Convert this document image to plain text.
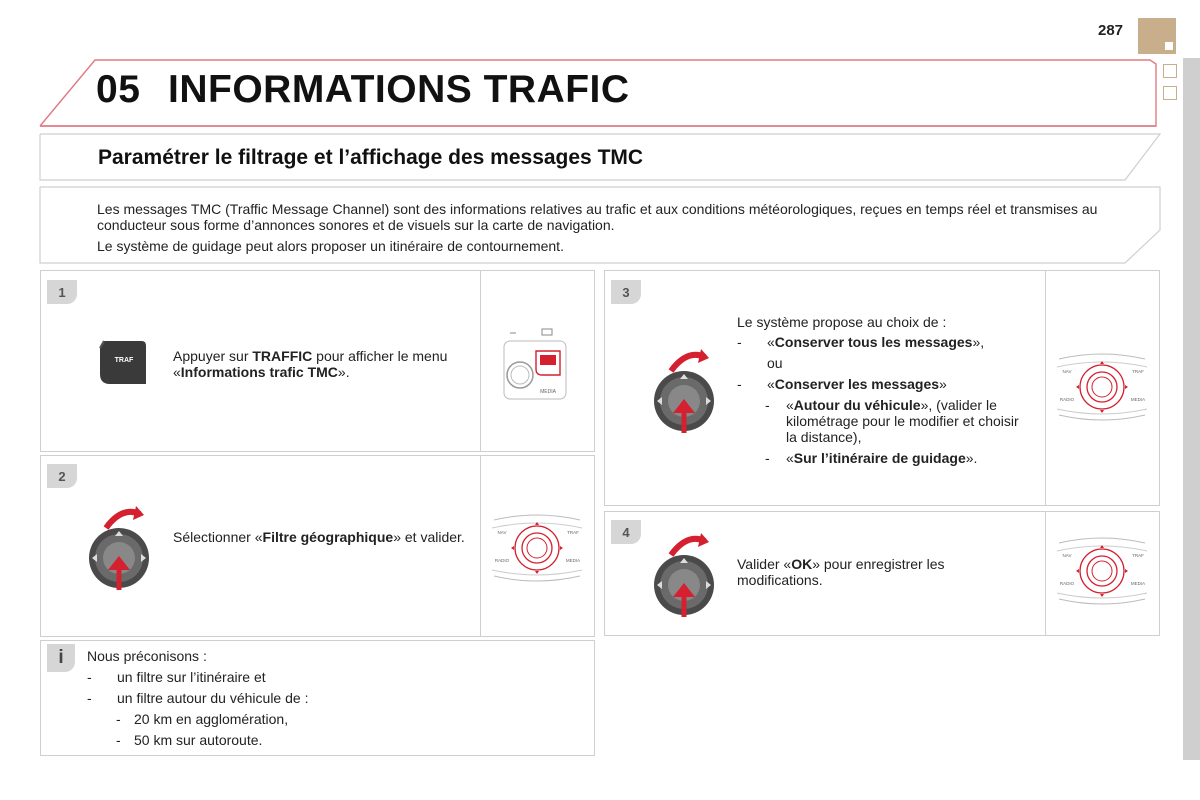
287
05 INFORMATIONS TRAFIC
Paramétrer le filtrage et l’affichage des messages TMC

Les messages TMC (Traffic Message Channel) sont des informations relatives au trafic et aux conditions météorologiques, reçues en temps réel et transmises au conducteur sous forme d’annonces sonores et de visuels sur la carte de navigation.

Le système de guidage peut alors proposer un itinéraire de contournement.

1
TRAF	Appuyer sur TRAFFIC pour afficher le menu «Informations trafic TMC».
MEDIA
2
Sélectionner «Filtre géographique» et valider.	NAV	TRAF
RADIO	MEDIA
i Nous préconisons :
- un filtre sur l’itinéraire et
- un filtre autour du véhicule de :
- 20 km en agglomération,
- 50 km sur autoroute.
3
Le système propose au choix de :
- «Conserver tous les messages»,
ou
- «Conserver les messages»
- «Autour du véhicule», (valider le kilométrage pour le modifier et choisir la distance),
- «Sur l’itinéraire de guidage».
NAV	TRAF
RADIO	MEDIA
4
Valider «OK» pour enregistrer les modifications.
NAV	TRAF
RADIO	MEDIA
